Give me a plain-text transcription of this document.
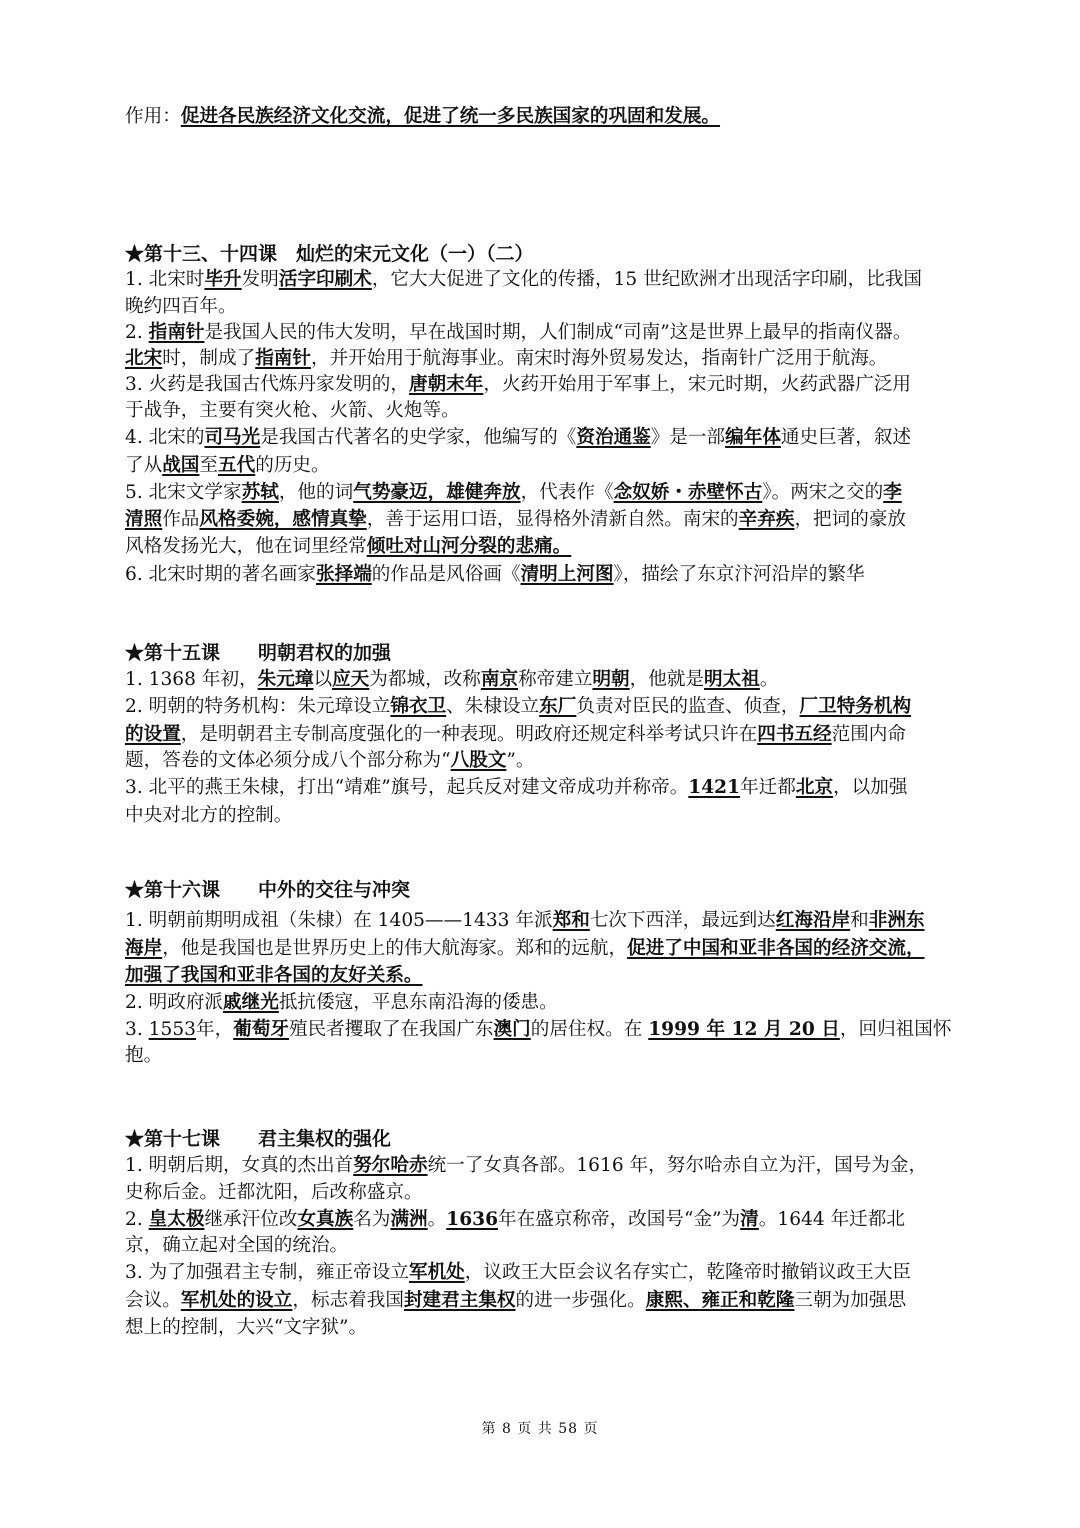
作用：促进各民族经济文化交流，促进了统一多民族国家的巩固和发展。
★第十三、十四课　灿烂的宋元文化（一）（二）
1. 北宋时毕升发明活字印刷术，它大大促进了文化的传播，15 世纪欧洲才出现活字印刷，比我国
晚约四百年。
2. 指南针是我国人民的伟大发明，早在战国时期，人们制成“司南”这是世界上最早的指南仪器。
北宋时，制成了指南针，并开始用于航海事业。南宋时海外贸易发达，指南针广泛用于航海。
3. 火药是我国古代炼丹家发明的，唐朝末年，火药开始用于军事上，宋元时期，火药武器广泛用
于战争，主要有突火枪、火箭、火炮等。
4. 北宋的司马光是我国古代著名的史学家，他编写的《资治通鉴》是一部编年体通史巨著，叙述
了从战国至五代的历史。
5. 北宋文学家苏轼，他的词气势豪迈，雄健奔放，代表作《念奴娇・赤壁怀古》。两宋之交的李
清照作品风格委婉，感情真挚，善于运用口语，显得格外清新自然。南宋的辛弃疾，把词的豪放
风格发扬光大，他在词里经常倾吐对山河分裂的悲痛。
6. 北宋时期的著名画家张择端的作品是风俗画《清明上河图》，描绘了东京汴河沿岸的繁华
★第十五课　　明朝君权的加强
1. 1368 年初，朱元璋以应天为都城，改称南京称帝建立明朝，他就是明太祖。
2. 明朝的特务机构：朱元璋设立锦衣卫、朱棣设立东厂负责对臣民的监查、侦查，厂卫特务机构
的设置，是明朝君主专制高度强化的一种表现。明政府还规定科举考试只许在四书五经范围内命
题，答卷的文体必须分成八个部分称为“八股文”。
3. 北平的燕王朱棣，打出“靖难”旗号，起兵反对建文帝成功并称帝。1421年迁都北京，以加强
中央对北方的控制。
★第十六课　　中外的交往与冲突
1. 明朝前期明成祖（朱棣）在 1405——1433 年派郑和七次下西洋，最远到达红海沿岸和非洲东
海岸，他是我国也是世界历史上的伟大航海家。郑和的远航，促进了中国和亚非各国的经济交流，
加强了我国和亚非各国的友好关系。
2. 明政府派戚继光抵抗倭寇，平息东南沿海的倭患。
3. 1553年，葡萄牙殖民者攫取了在我国广东澳门的居住权。在 1999 年 12 月 20 日，回归祖国怀
抱。
★第十七课　　君主集权的强化
1. 明朝后期，女真的杰出首努尔哈赤统一了女真各部。1616 年，努尔哈赤自立为汗，国号为金，
史称后金。迁都沈阳，后改称盛京。
2. 皇太极继承汗位改女真族名为满洲。1636年在盛京称帝，改国号“金”为清。1644 年迁都北
京，确立起对全国的统治。
3. 为了加强君主专制，雍正帝设立军机处，议政王大臣会议名存实亡，乾隆帝时撤销议政王大臣
会议。军机处的设立，标志着我国封建君主集权的进一步强化。康熙、雍正和乾隆三朝为加强思
想上的控制，大兴“文字狱”。
第 8 页 共 58 页
